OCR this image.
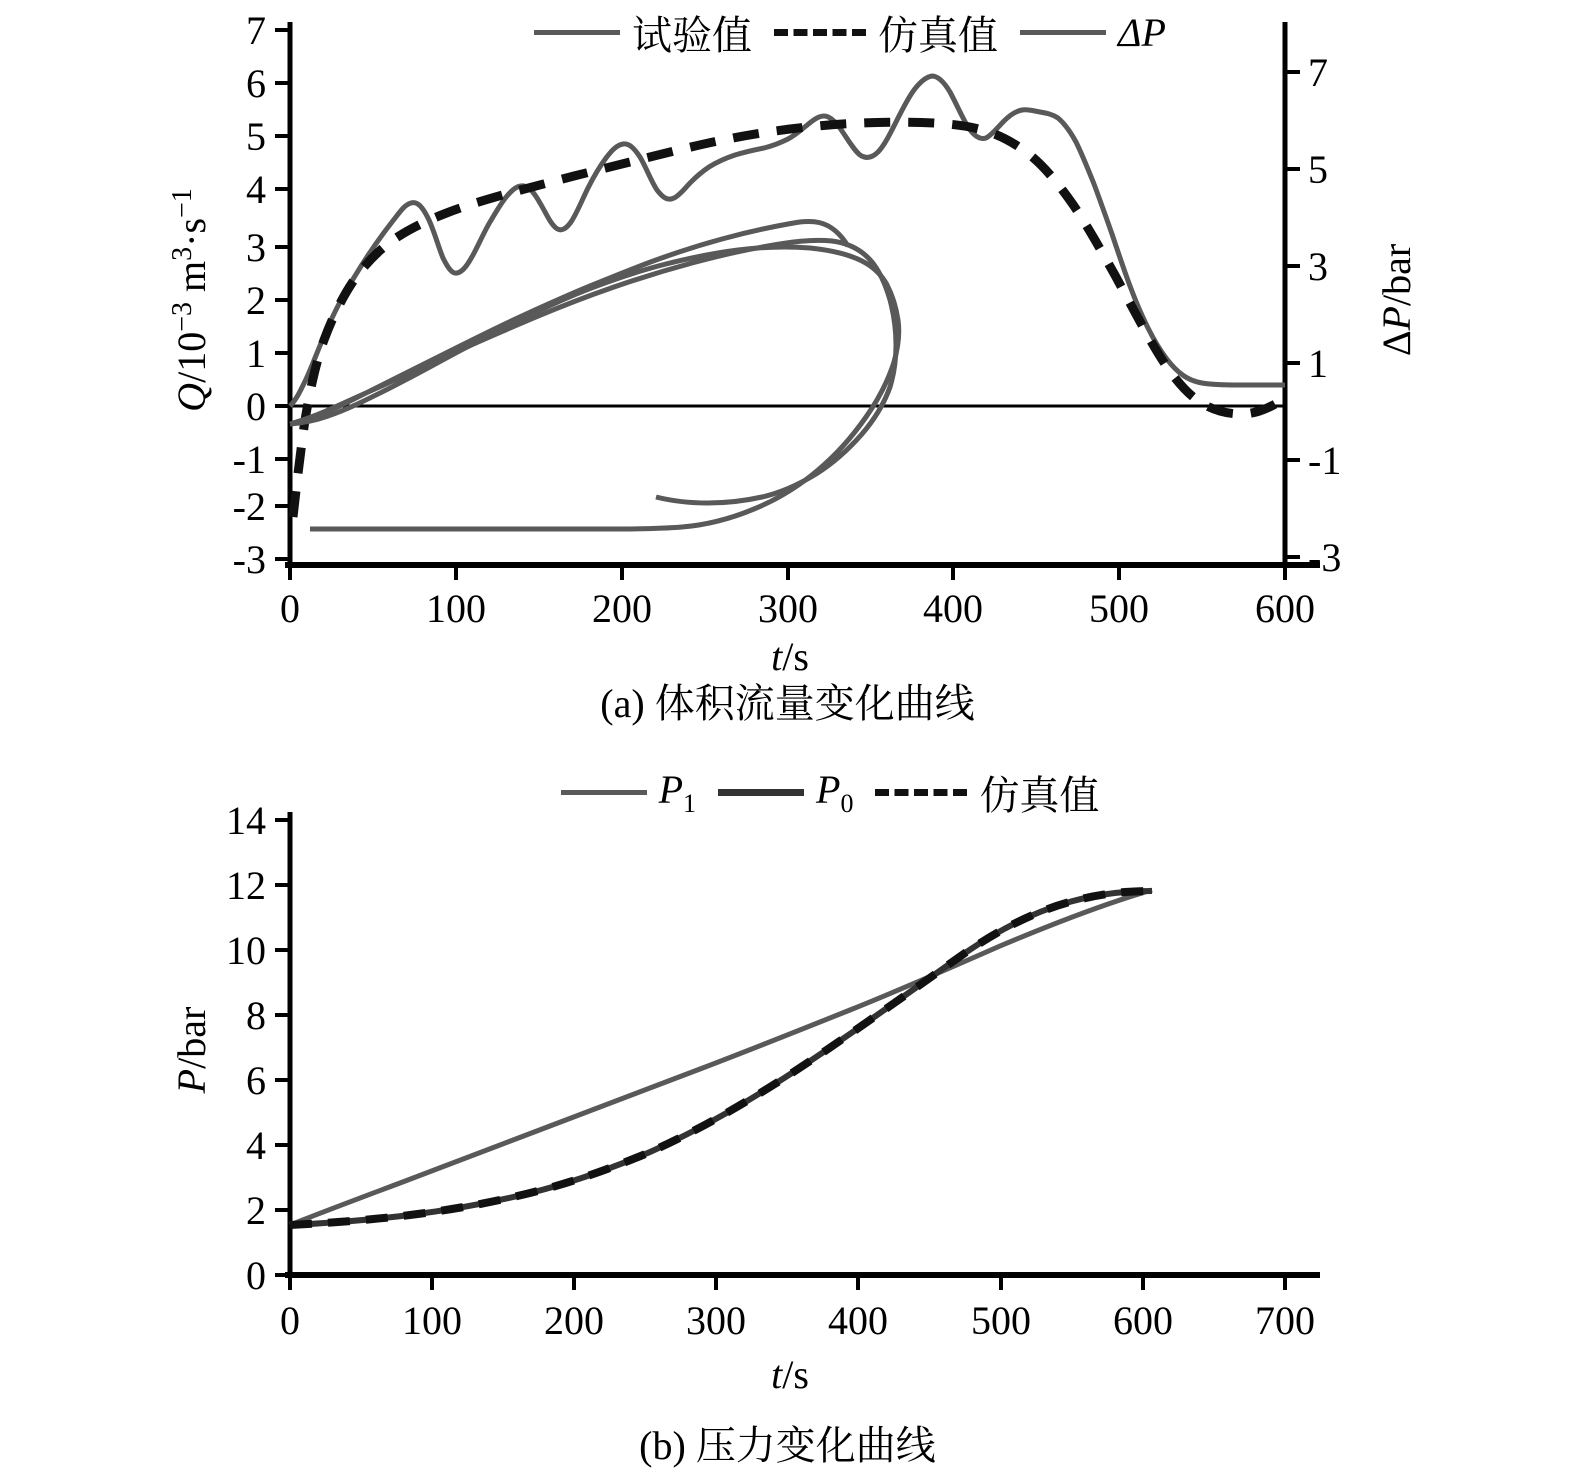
试验值	仿真值	ΔP
7
6
5
4
3
2
1
0
-1
-2
-3
7
5
3
1
-1
-3
0	100	200	300	400	500	600
t/s
$Q/10^{-3}$ $m^3\cdot s^{-1}$
ΔP/bar
(a) 体积流量变化曲线
$P_1$	$P_0$	仿真值
14
12
10
8
6
4
2
0
0	100 200 300 400 500 600 700
t/s
P/bar
(b) 压力变化曲线
